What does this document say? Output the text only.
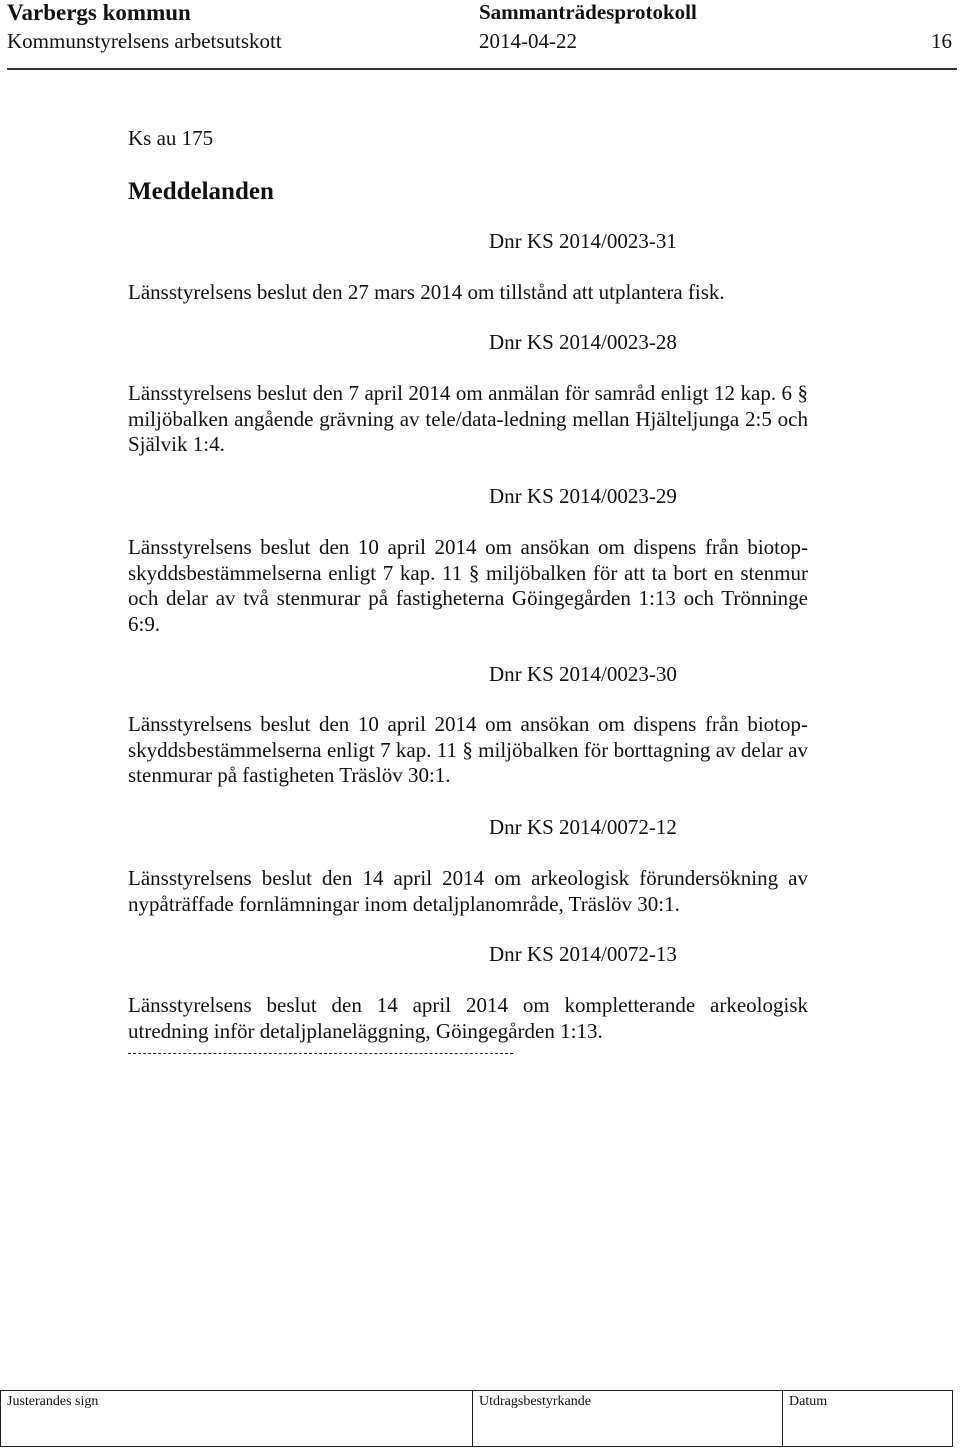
Varbergs kommun	Sammanträdesprotokoll
Kommunstyrelsens arbetsutskott	2014-04-22	16
Ks au 175
Meddelanden
Dnr KS 2014/0023-31
Länsstyrelsens beslut den 27 mars 2014 om tillstånd att utplantera fisk.
Dnr KS 2014/0023-28
Länsstyrelsens beslut den 7 april 2014 om anmälan för samråd enligt 12 kap. 6 § miljöbalken angående grävning av tele/data-ledning mellan Hjälteljunga 2:5 och Självik 1:4.
Dnr KS 2014/0023-29
Länsstyrelsens beslut den 10 april 2014 om ansökan om dispens från biotop-skyddsbestämmelserna enligt 7 kap. 11 § miljöbalken för att ta bort en stenmur och delar av två stenmurar på fastigheterna Göingegården 1:13 och Trönninge 6:9.
Dnr KS 2014/0023-30
Länsstyrelsens beslut den 10 april 2014 om ansökan om dispens från biotop-skyddsbestämmelserna enligt 7 kap. 11 § miljöbalken för borttagning av delar av stenmurar på fastigheten Träslöv 30:1.
Dnr KS 2014/0072-12
Länsstyrelsens beslut den 14 april 2014 om arkeologisk förundersökning av nypåträffade fornlämningar inom detaljplanområde, Träslöv 30:1.
Dnr KS 2014/0072-13
Länsstyrelsens beslut den 14 april 2014 om kompletterande arkeologisk utredning inför detaljplaneläggning, Göingegården 1:13.
Justerandes sign	Utdragsbestyrkande	Datum
